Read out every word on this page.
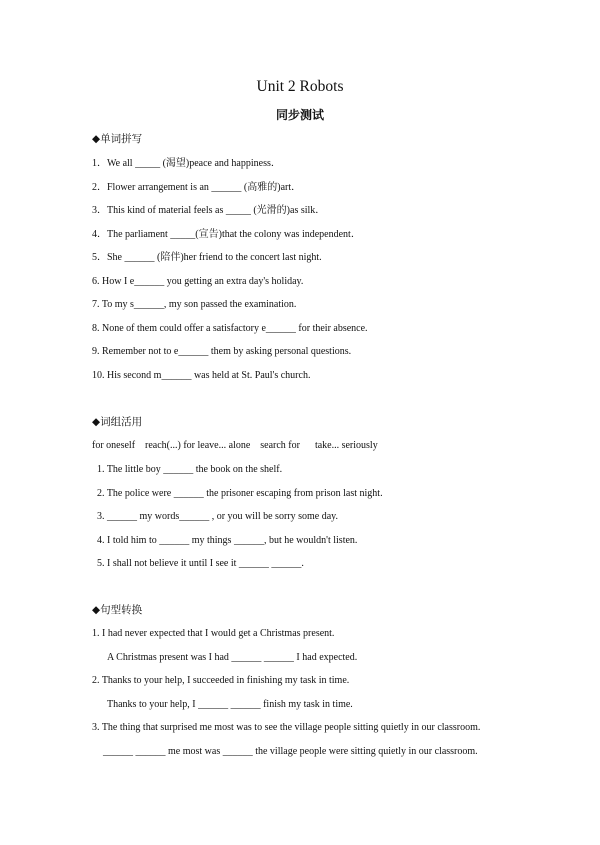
Unit 2 Robots
同步测试
◆单词拼写
1．We all _____ (渴望)peace and happiness．
2．Flower arrangement is an ______ (高雅的)art．
3．This kind of material feels as _____ (光滑的)as silk．
4．The parliament _____(宣告)that the colony was independent．
5．She ______ (陪伴)her friend to the concert last night.
6. How I e______ you getting an extra day's holiday.
7. To my s______, my son passed the examination.
8. None of them could offer a satisfactory e______ for their absence.
9. Remember not to e______ them by asking personal questions.
10. His second m______ was held at St. Paul's church.
◆词组活用
for oneself    reach(...) for leave... alone    search for      take... seriously
1. The little boy ______ the book on the shelf.
2. The police were ______ the prisoner escaping from prison last night.
3. ______ my words______ , or you will be sorry some day.
4. I told him to ______ my things ______, but he wouldn't listen.
5. I shall not believe it until I see it ______ ______.
◆句型转换
1. I had never expected that I would get a Christmas present.
A Christmas present was I had ______ ______ I had expected.
2. Thanks to your help, I succeeded in finishing my task in time.
Thanks to your help, I ______ ______ finish my task in time.
3. The thing that surprised me most was to see the village people sitting quietly in our classroom.
______ ______ me most was ______ the village people were sitting quietly in our classroom.
